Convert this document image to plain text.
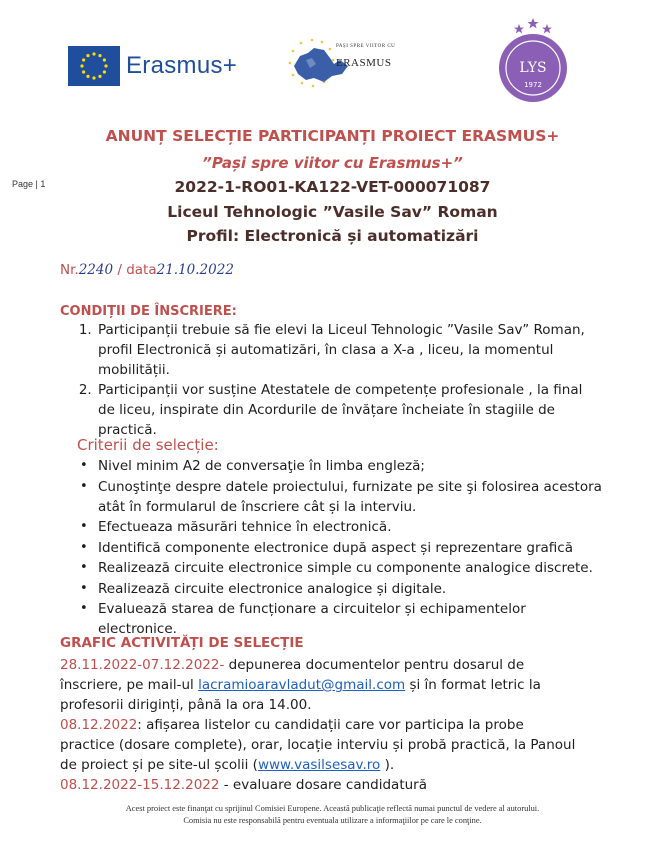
Erasmus+
PAȘI SPRE VIITOR CU
ERASMUS	LYS
1972
Page | 1
ANUNȚ SELECȚIE PARTICIPANȚI PROIECT ERASMUS+
”Pași spre viitor cu Erasmus+”
2022-1-RO01-KA122-VET-000071087
Liceul Tehnologic ”Vasile Sav” Roman
Profil: Electronică și automatizări
Nr.2240 / data21.10.2022
CONDIȚII DE ÎNSCRIERE:
1. Participanții trebuie să fie elevi la Liceul Tehnologic ”Vasile Sav” Roman, profil Electronică și automatizări, în clasa a X-a , liceu, la momentul mobilității.
2. Participanții vor susține Atestatele de competențe profesionale , la final de liceu, inspirate din Acordurile de învățare încheiate în stagiile de practică.
Criterii de selecție:
• Nivel minim A2 de conversaţie în limba engleză;
• Cunoştinţe despre datele proiectului, furnizate pe site şi folosirea acestora atât în formularul de înscriere cât și la interviu.
• Efectueaza măsurări tehnice în electronică.
• Identifică componente electronice după aspect și reprezentare grafică
• Realizează circuite electronice simple cu componente analogice discrete.
• Realizează circuite electronice analogice și digitale.
• Evaluează starea de funcționare a circuitelor și echipamentelor electronice.
GRAFIC ACTIVITĂȚI DE SELECȚIE
28.11.2022-07.12.2022- depunerea documentelor pentru dosarul de înscriere, pe mail-ul lacramioaravladut@gmail.com și în format letric la profesorii diriginți, până la ora 14.00.
08.12.2022: afișarea listelor cu candidații care vor participa la probe practice (dosare complete), orar, locație interviu și probă practică, la Panoul de proiect și pe site-ul școlii (www.vasilsesav.ro ).
08.12.2022-15.12.2022 - evaluare dosare candidatură
Acest proiect este finanţat cu sprijinul Comisiei Europene. Această publicaţie reflectă numai punctul de vedere al autorului.
Comisia nu este responsabilă pentru eventuala utilizare a informaţiilor pe care le conţine.
